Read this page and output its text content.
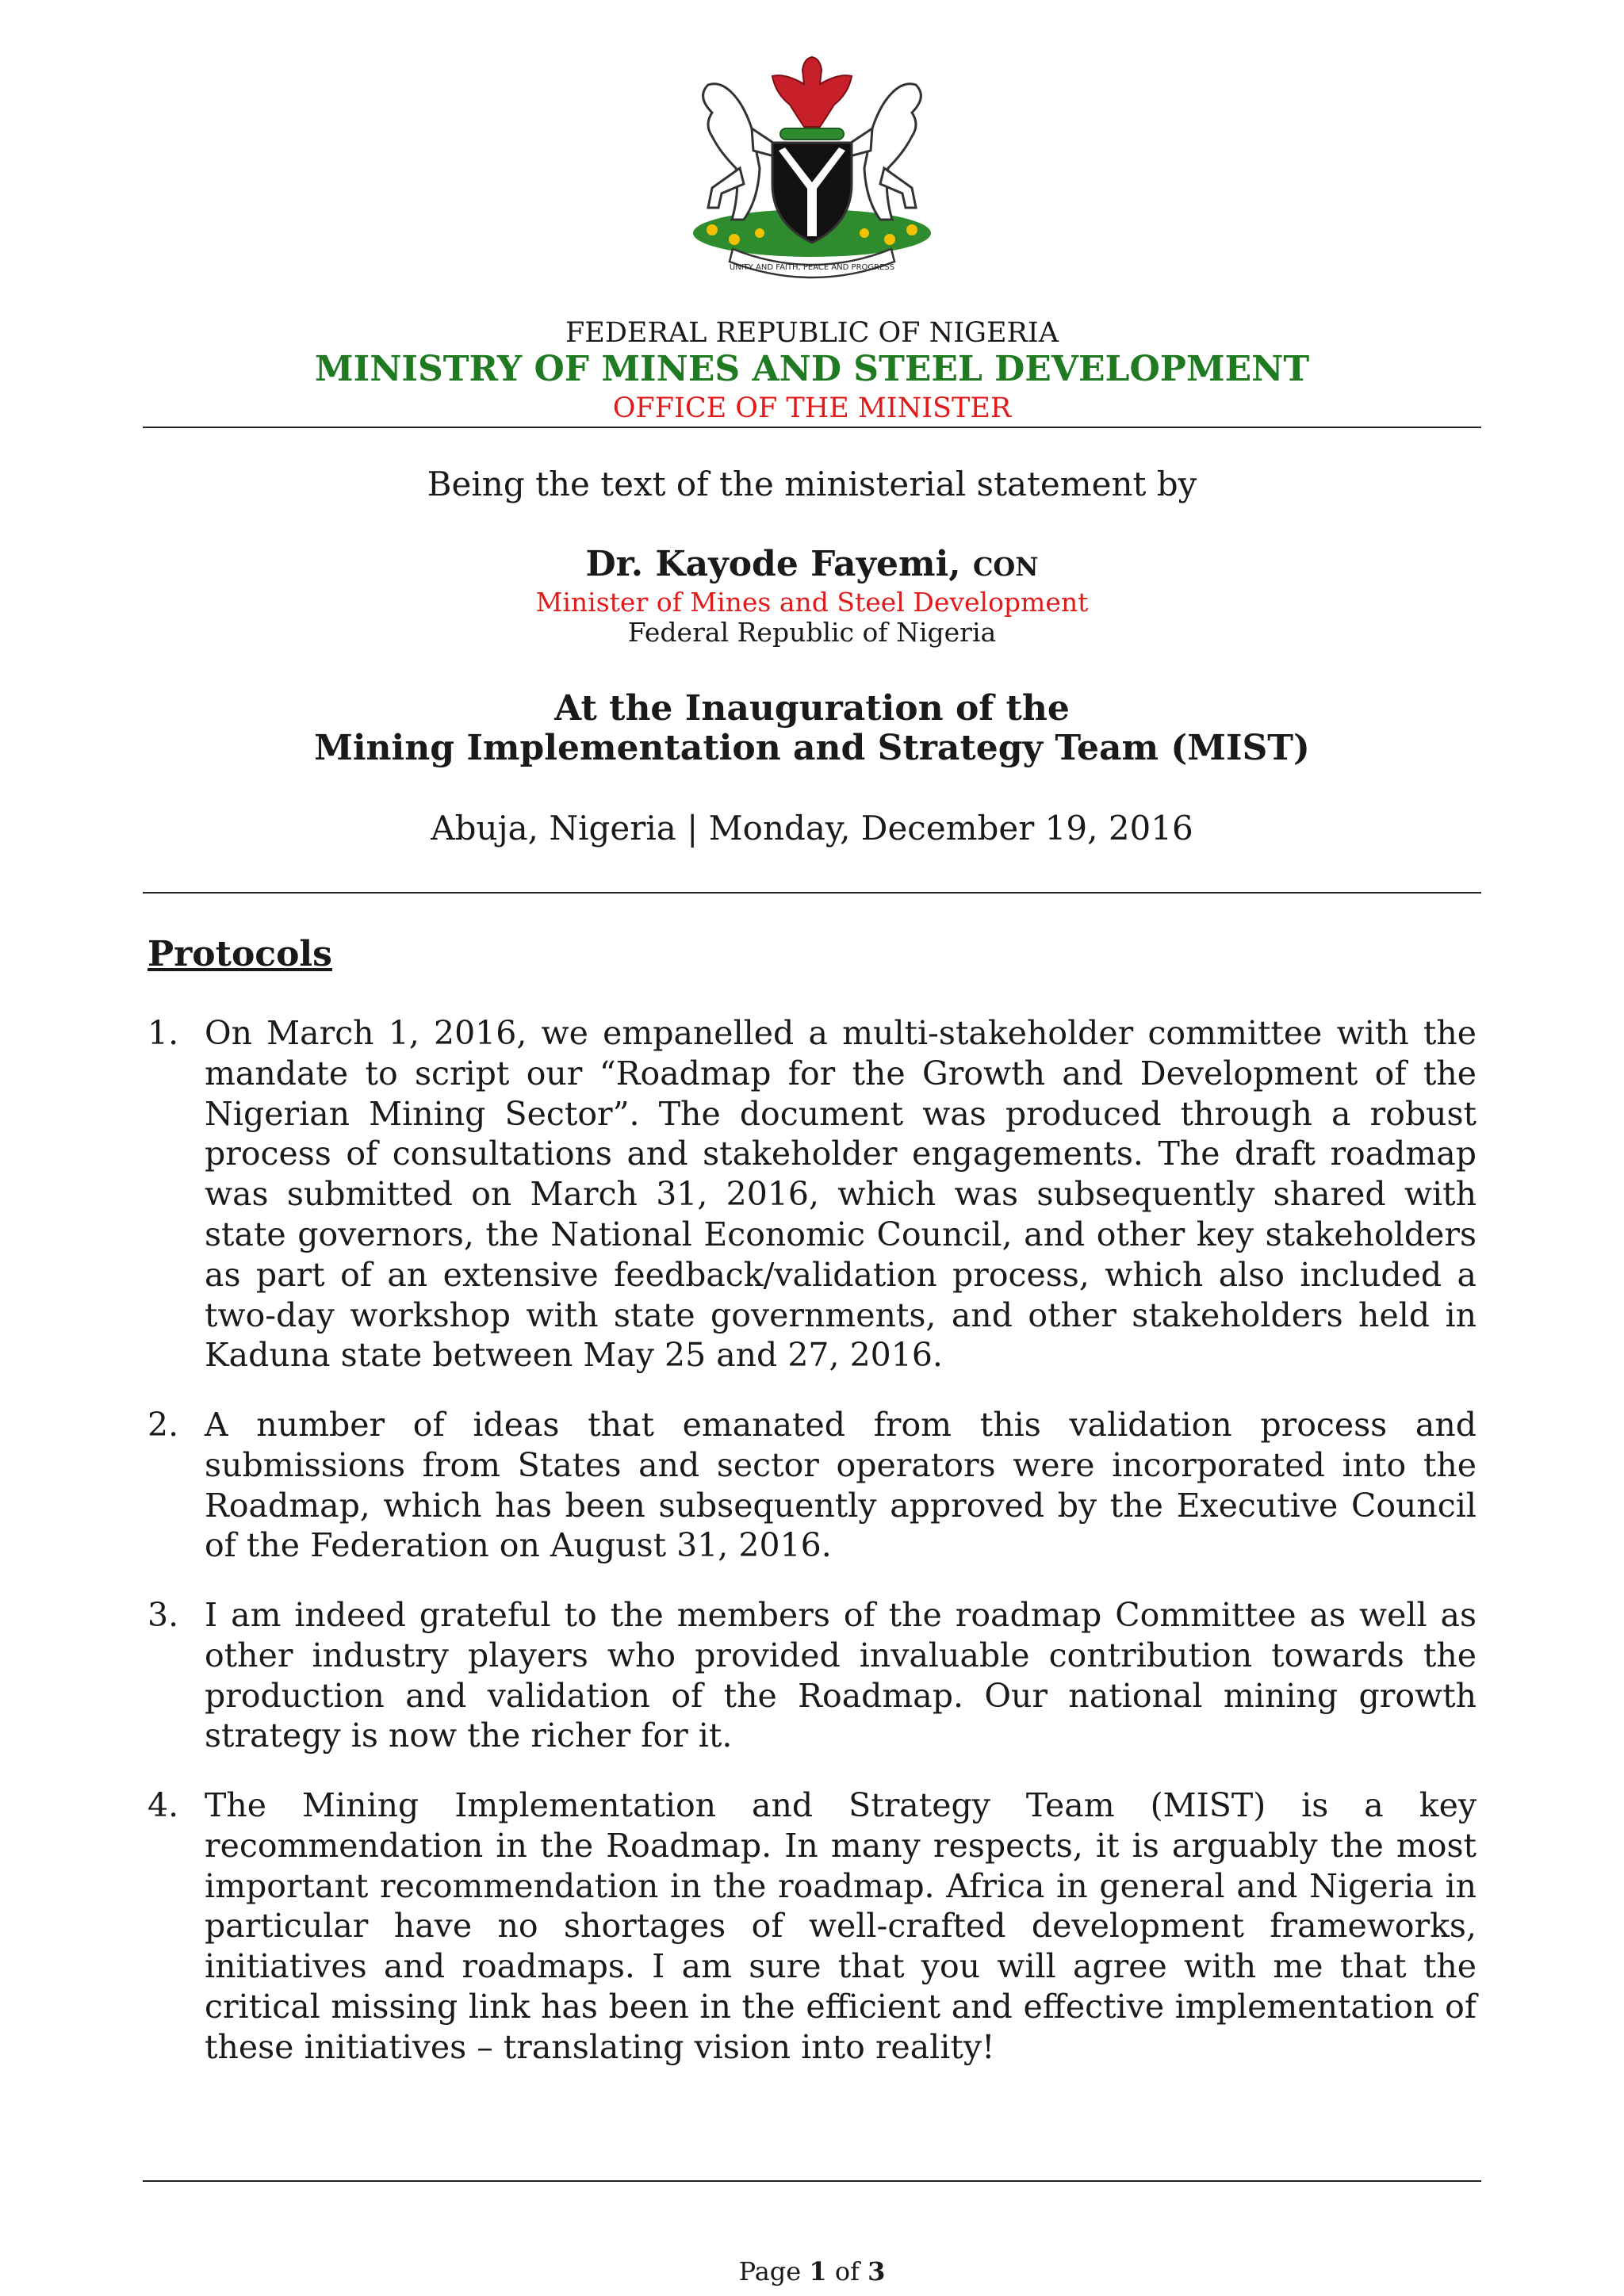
UNITY AND FAITH, PEACE AND PROGRESS
FEDERAL REPUBLIC OF NIGERIA
MINISTRY OF MINES AND STEEL DEVELOPMENT
OFFICE OF THE MINISTER
Being the text of the ministerial statement by
Dr. Kayode Fayemi, CON
Minister of Mines and Steel Development
Federal Republic of Nigeria
At the Inauguration of the
Mining Implementation and Strategy Team (MIST)
Abuja, Nigeria | Monday, December 19, 2016
Protocols
1. On March 1, 2016, we empanelled a multi-stakeholder committee with the mandate to script our “Roadmap for the Growth and Development of the Nigerian Mining Sector”. The document was produced through a robust process of consultations and stakeholder engagements. The draft roadmap was submitted on March 31, 2016, which was subsequently shared with state governors, the National Economic Council, and other key stakeholders as part of an extensive feedback/validation process, which also included a two-day workshop with state governments, and other stakeholders held in Kaduna state between May 25 and 27, 2016.
2. A number of ideas that emanated from this validation process and submissions from States and sector operators were incorporated into the Roadmap, which has been subsequently approved by the Executive Council of the Federation on August 31, 2016.
3. I am indeed grateful to the members of the roadmap Committee as well as other industry players who provided invaluable contribution towards the production and validation of the Roadmap. Our national mining growth strategy is now the richer for it.
4. The Mining Implementation and Strategy Team (MIST) is a key recommendation in the Roadmap. In many respects, it is arguably the most important recommendation in the roadmap. Africa in general and Nigeria in particular have no shortages of well-crafted development frameworks, initiatives and roadmaps. I am sure that you will agree with me that the critical missing link has been in the efficient and effective implementation of these initiatives – translating vision into reality!
Page 1 of 3
